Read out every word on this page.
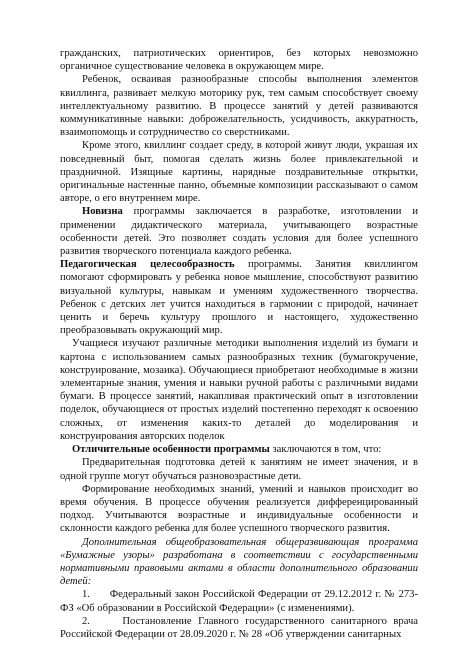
гражданских, патриотических ориентиров, без которых невозможно органичное существование человека в окружающем мире.

Ребенок, осваивая разнообразные способы выполнения элементов квиллинга, развивает мелкую моторику рук, тем самым способствует своему интеллектуальному развитию. В процессе занятий у детей развиваются коммуникативные навыки: доброжелательность, усидчивость, аккуратность, взаимопомощь и сотрудничество со сверстниками.

Кроме этого, квиллинг создает среду, в которой живут люди, украшая их повседневный быт, помогая сделать жизнь более привлекательной и праздничной. Изящные картины, нарядные поздравительные открытки, оригинальные настенные панно, объемные композиции рассказывают о самом авторе, о его внутреннем мире.

Новизна программы заключается в разработке, изготовлении и применении дидактического материала, учитывающего возрастные особенности детей. Это позволяет создать условия для более успешного развития творческого потенциала каждого ребенка.

Педагогическая целесообразность программы. Занятия квиллингом помогают сформировать у ребенка новое мышление, способствуют развитию визуальной культуры, навыкам и умениям художественного творчества. Ребенок с детских лет учится находиться в гармонии с природой, начинает ценить и беречь культуру прошлого и настоящего, художественно преобразовывать окружающий мир.

Учащиеся изучают различные методики выполнения изделий из бумаги и картона с использованием самых разнообразных техник (бумагокручение, конструирование, мозаика). Обучающиеся приобретают необходимые в жизни элементарные знания, умения и навыки ручной работы с различными видами бумаги. В процессе занятий, накапливая практический опыт в изготовлении поделок, обучающиеся от простых изделий постепенно переходят к освоению сложных, от изменения каких-то деталей до моделирования и конструирования авторских поделок

Отличительные особенности программы заключаются в том, что:

Предварительная подготовка детей к занятиям не имеет значения, и в одной группе могут обучаться разновозрастные дети.

Формирование необходимых знаний, умений и навыков происходит во время обучения. В процессе обучения реализуется дифференцированный подход. Учитываются возрастные и индивидуальные особенности и склонности каждого ребенка для более успешного творческого развития.

Дополнительная общеобразовательная общеразвивающая программа «Бумажные узоры» разработана в соответствии с государственными нормативными правовыми актами в области дополнительного образовании детей:

1.      Федеральный закон Российской Федерации от 29.12.2012 г. № 273-ФЗ «Об образовании в Российской Федерации» (с изменениями).

2.     Постановление Главного государственного санитарного врача Российской Федерации от 28.09.2020 г. № 28 «Об утверждении санитарных
